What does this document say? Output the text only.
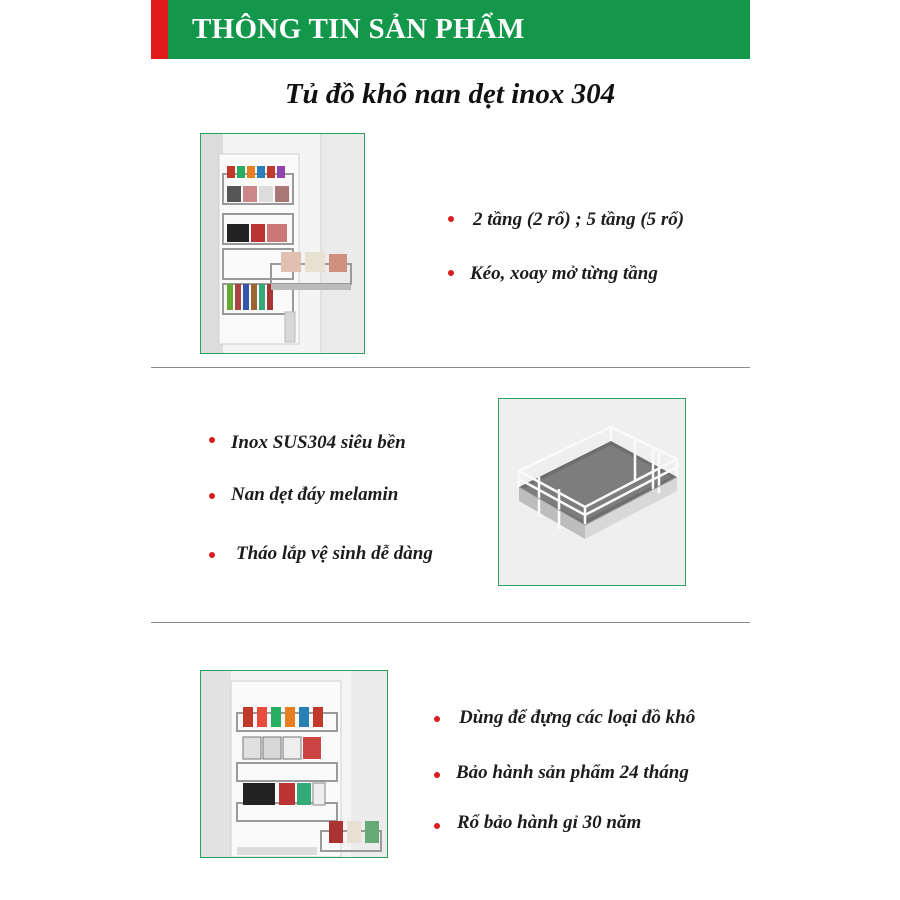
THÔNG TIN SẢN PHẨM
Tủ đồ khô nan dẹt inox 304
2 tầng (2 rổ) ; 5 tầng (5 rổ)
Kéo, xoay mở từng tầng
Inox SUS304 siêu bền
Nan dẹt đáy melamin
Tháo lắp vệ sinh dễ dàng
Dùng để đựng các loại đồ khô
Bảo hành sản phẩm 24 tháng
Rổ bảo hành gỉ 30 năm
